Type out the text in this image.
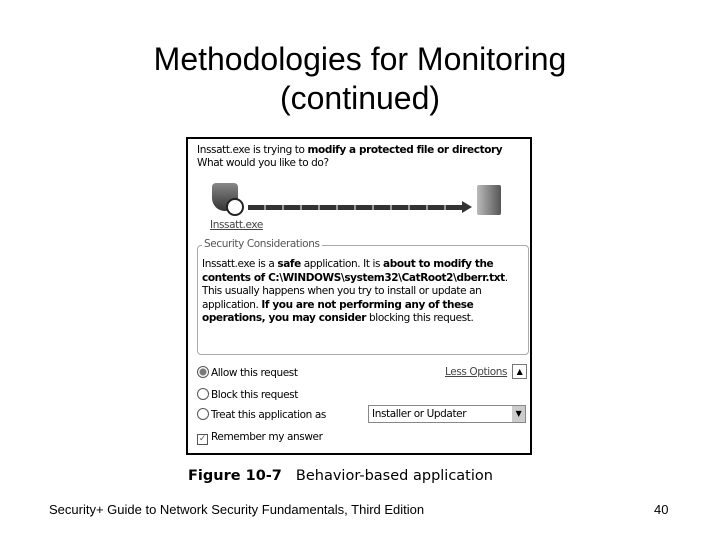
Methodologies for Monitoring
(continued)
Inssatt.exe is trying to modify a protected file or directory What would you like to do?
Inssatt.exe
Security Considerations
Inssatt.exe is a safe application. It is about to modify the contents of C:\WINDOWS\system32\CatRoot2\dberr.txt. This usually happens when you try to install or update an application. If you are not performing any of these operations, you may consider blocking this request.
Allow this request
Block this request
Treat this application as
Less Options	▲
Installer or Updater	▼
✓ Remember my answer
Figure 10-7 Behavior-based application
Security+ Guide to Network Security Fundamentals, Third Edition	40
